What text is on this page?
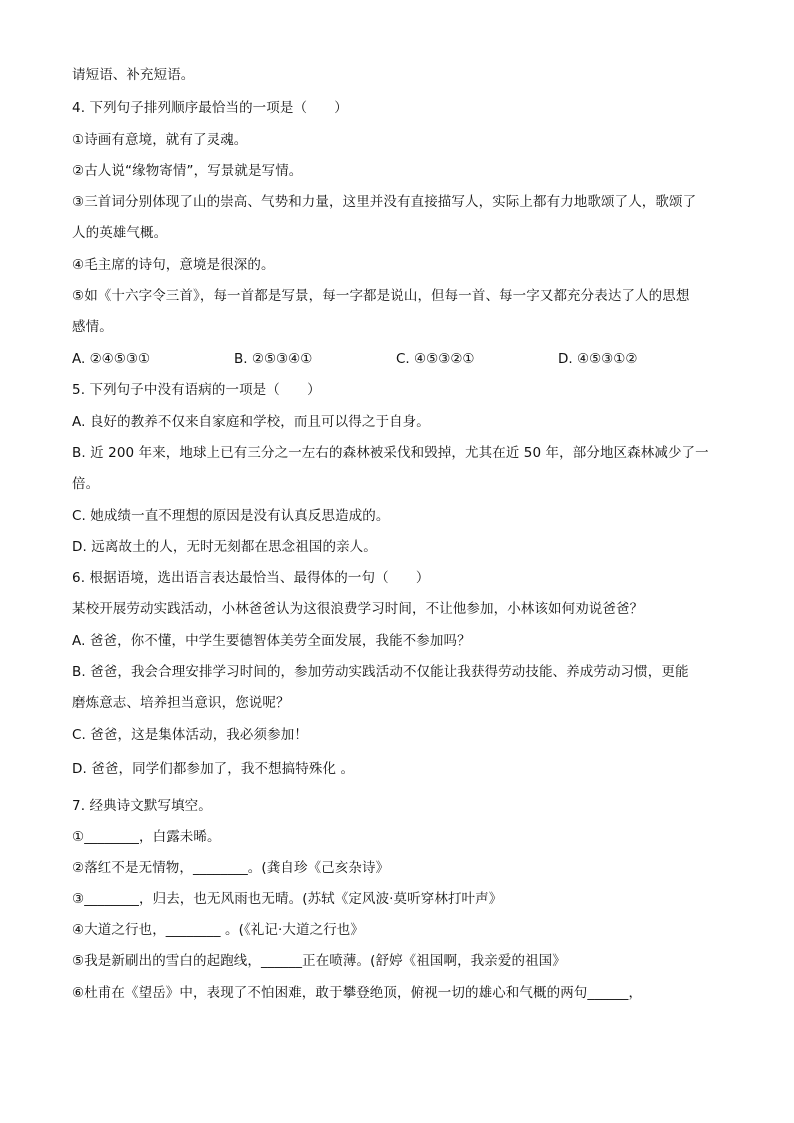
请短语、补充短语。

4. 下列句子排列顺序最恰当的一项是（　　）

①诗画有意境，就有了灵魂。

②古人说“缘物寄情”，写景就是写情。

③三首词分别体现了山的崇高、气势和力量，这里并没有直接描写人，实际上都有力地歌颂了人，歌颂了

人的英雄气概。

④毛主席的诗句，意境是很深的。

⑤如《十六字令三首》，每一首都是写景，每一字都是说山，但每一首、每一字又都充分表达了人的思想

感情。

A. ②④⑤③①	B. ②⑤③④①	C. ④⑤③②①	D. ④⑤③①②

5. 下列句子中没有语病的一项是（　　）

A. 良好的教养不仅来自家庭和学校，而且可以得之于自身。

B. 近 200 年来，地球上已有三分之一左右的森林被采伐和毁掉，尤其在近 50 年，部分地区森林减少了一

倍。

C. 她成绩一直不理想的原因是没有认真反思造成的。

D. 远离故土的人，无时无刻都在思念祖国的亲人。

6. 根据语境，选出语言表达最恰当、最得体的一句（　　）

某校开展劳动实践活动，小林爸爸认为这很浪费学习时间，不让他参加，小林该如何劝说爸爸？

A. 爸爸，你不懂，中学生要德智体美劳全面发展，我能不参加吗？

B. 爸爸，我会合理安排学习时间的，参加劳动实践活动不仅能让我获得劳动技能、养成劳动习惯，更能

磨炼意志、培养担当意识，您说呢？

C. 爸爸，这是集体活动，我必须参加！

D. 爸爸，同学们都参加了，我不想搞特殊化 。

7. 经典诗文默写填空。

①________，白露未晞。

②落红不是无情物，________。(龚自珍《己亥杂诗》

③________，归去，也无风雨也无晴。(苏轼《定风波·莫听穿林打叶声》

④大道之行也，________ 。(《礼记·大道之行也》

⑤我是新刷出的雪白的起跑线，______正在喷薄。(舒婷《祖国啊，我亲爱的祖国》

⑥杜甫在《望岳》中，表现了不怕困难，敢于攀登绝顶，俯视一切的雄心和气概的两句______，
